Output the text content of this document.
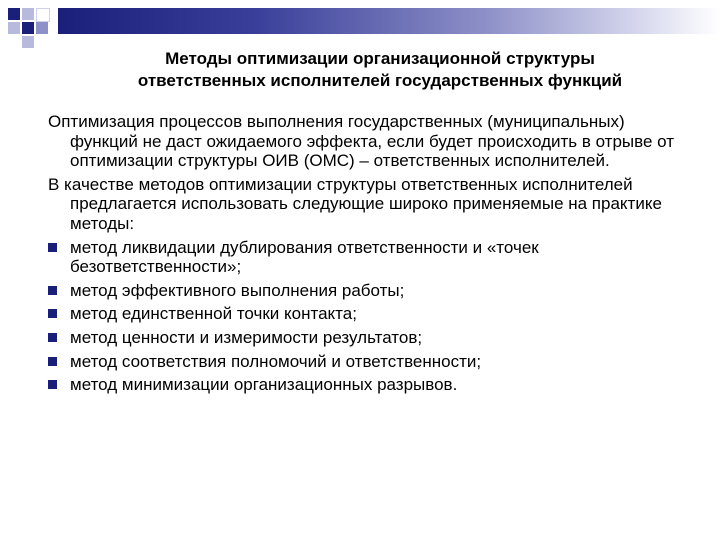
Методы оптимизации организационной структуры
ответственных исполнителей государственных функций

Оптимизация процессов выполнения государственных (муниципальных) функций не даст ожидаемого эффекта, если будет происходить в отрыве от оптимизации структуры ОИВ (ОМС) – ответственных исполнителей.

В качестве методов оптимизации структуры ответственных исполнителей предлагается использовать следующие широко применяемые на практике методы:

метод ликвидации дублирования ответственности и «точек безответственности»;
метод эффективного выполнения работы;
метод единственной точки контакта;
метод ценности и измеримости результатов;
метод соответствия полномочий и ответственности;
метод минимизации организационных разрывов.
